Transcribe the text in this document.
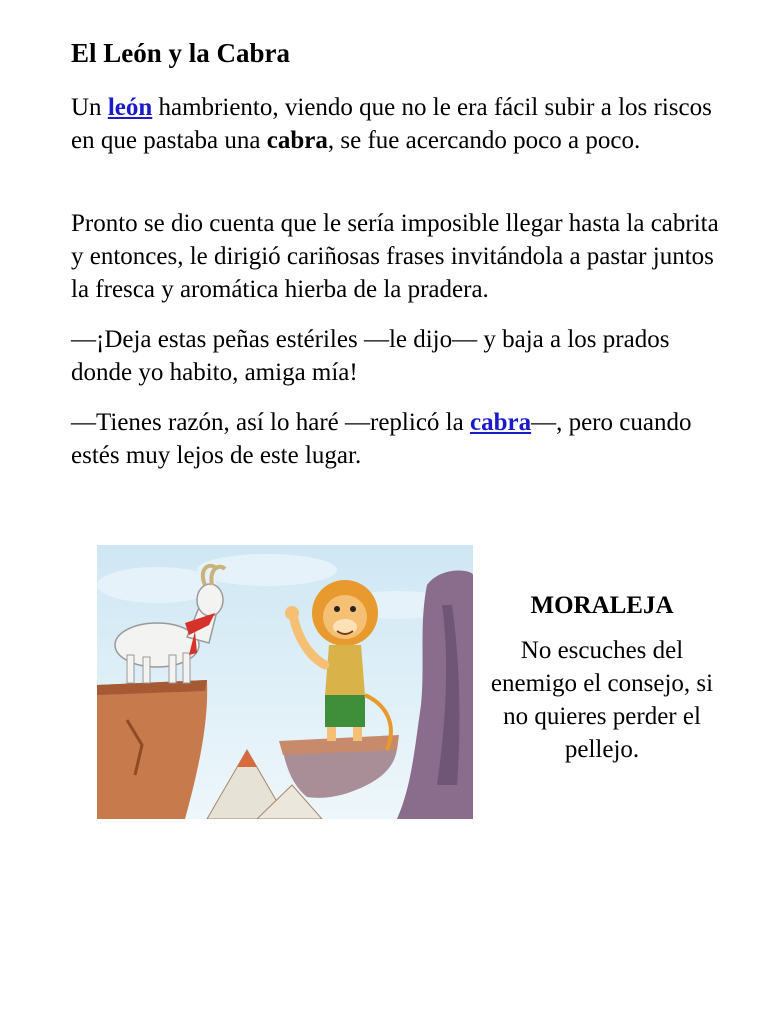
El León y la Cabra

Un león hambriento, viendo que no le era fácil subir a los riscos en que pastaba una cabra, se fue acercando poco a poco.

Pronto se dio cuenta que le sería imposible llegar hasta la cabrita y entonces, le dirigió cariñosas frases invitándola a pastar juntos la fresca y aromática hierba de la pradera.

—¡Deja estas peñas estériles —le dijo— y baja a los prados donde yo habito, amiga mía!

—Tienes razón, así lo haré —replicó la cabra—, pero cuando estés muy lejos de este lugar.

MORALEJA

No escuches del enemigo el consejo, si no quieres perder el pellejo.
